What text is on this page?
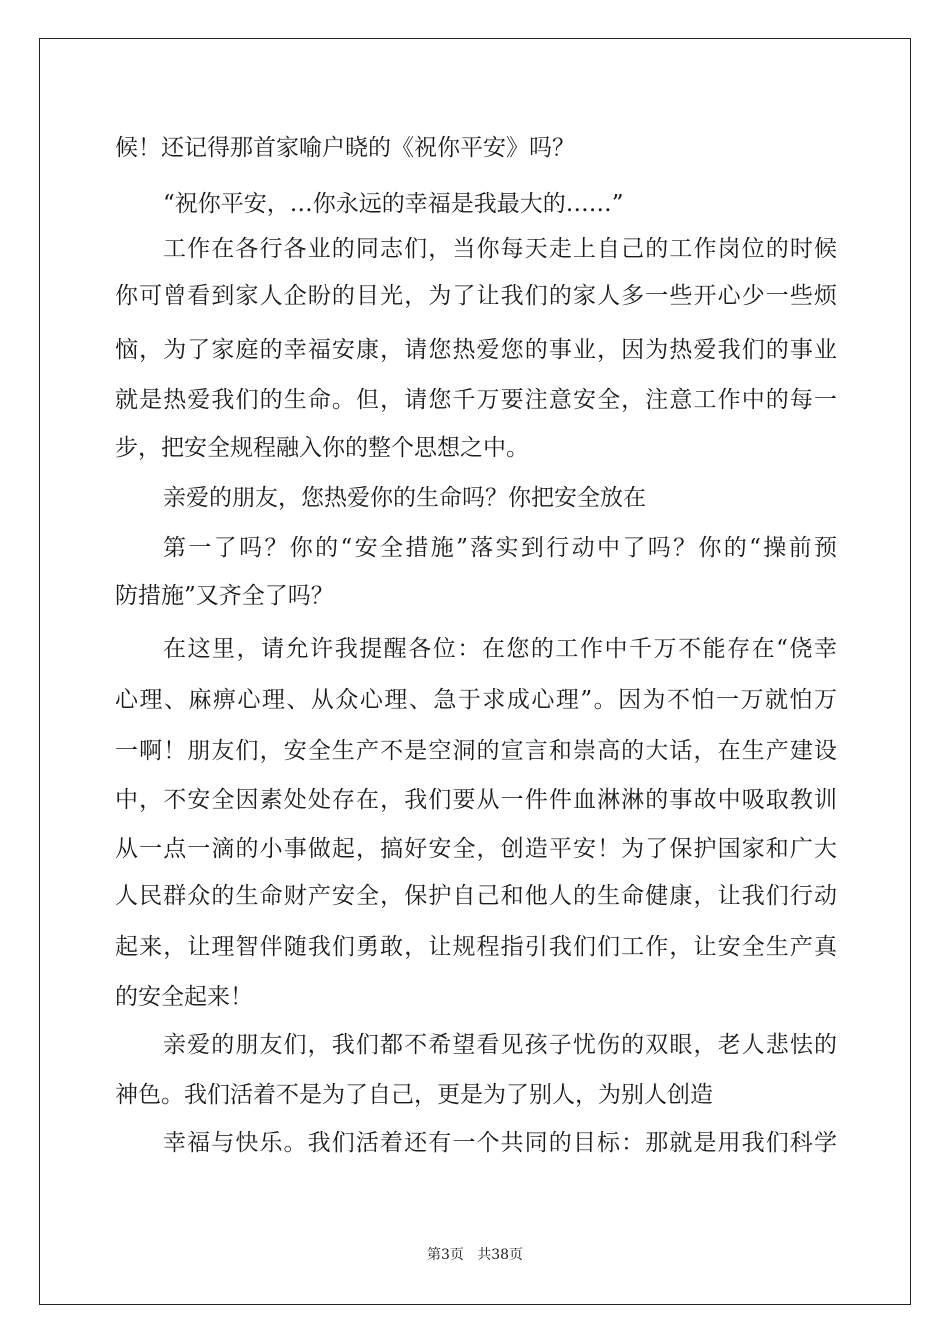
候！还记得那首家喻户晓的《祝你平安》吗？
“祝你平安，…你永远的幸福是我最大的……”
工作在各行各业的同志们，当你每天走上自己的工作岗位的时候
你可曾看到家人企盼的目光，为了让我们的家人多一些开心少一些烦
恼，为了家庭的幸福安康，请您热爱您的事业，因为热爱我们的事业
就是热爱我们的生命。但，请您千万要注意安全，注意工作中的每一
步，把安全规程融入你的整个思想之中。
亲爱的朋友，您热爱你的生命吗？你把安全放在
第一了吗？你的“安全措施”落实到行动中了吗？你的“操前预
防措施”又齐全了吗？
在这里，请允许我提醒各位：在您的工作中千万不能存在“侥幸
心理、麻痹心理、从众心理、急于求成心理”。因为不怕一万就怕万
一啊！朋友们，安全生产不是空洞的宣言和崇高的大话，在生产建设
中，不安全因素处处存在，我们要从一件件血淋淋的事故中吸取教训
从一点一滴的小事做起，搞好安全，创造平安！为了保护国家和广大
人民群众的生命财产安全，保护自己和他人的生命健康，让我们行动
起来，让理智伴随我们勇敢，让规程指引我们们工作，让安全生产真
的安全起来！
亲爱的朋友们，我们都不希望看见孩子忧伤的双眼，老人悲怯的
神色。我们活着不是为了自己，更是为了别人，为别人创造
幸福与快乐。我们活着还有一个共同的目标：那就是用我们科学
第3页   共38页
